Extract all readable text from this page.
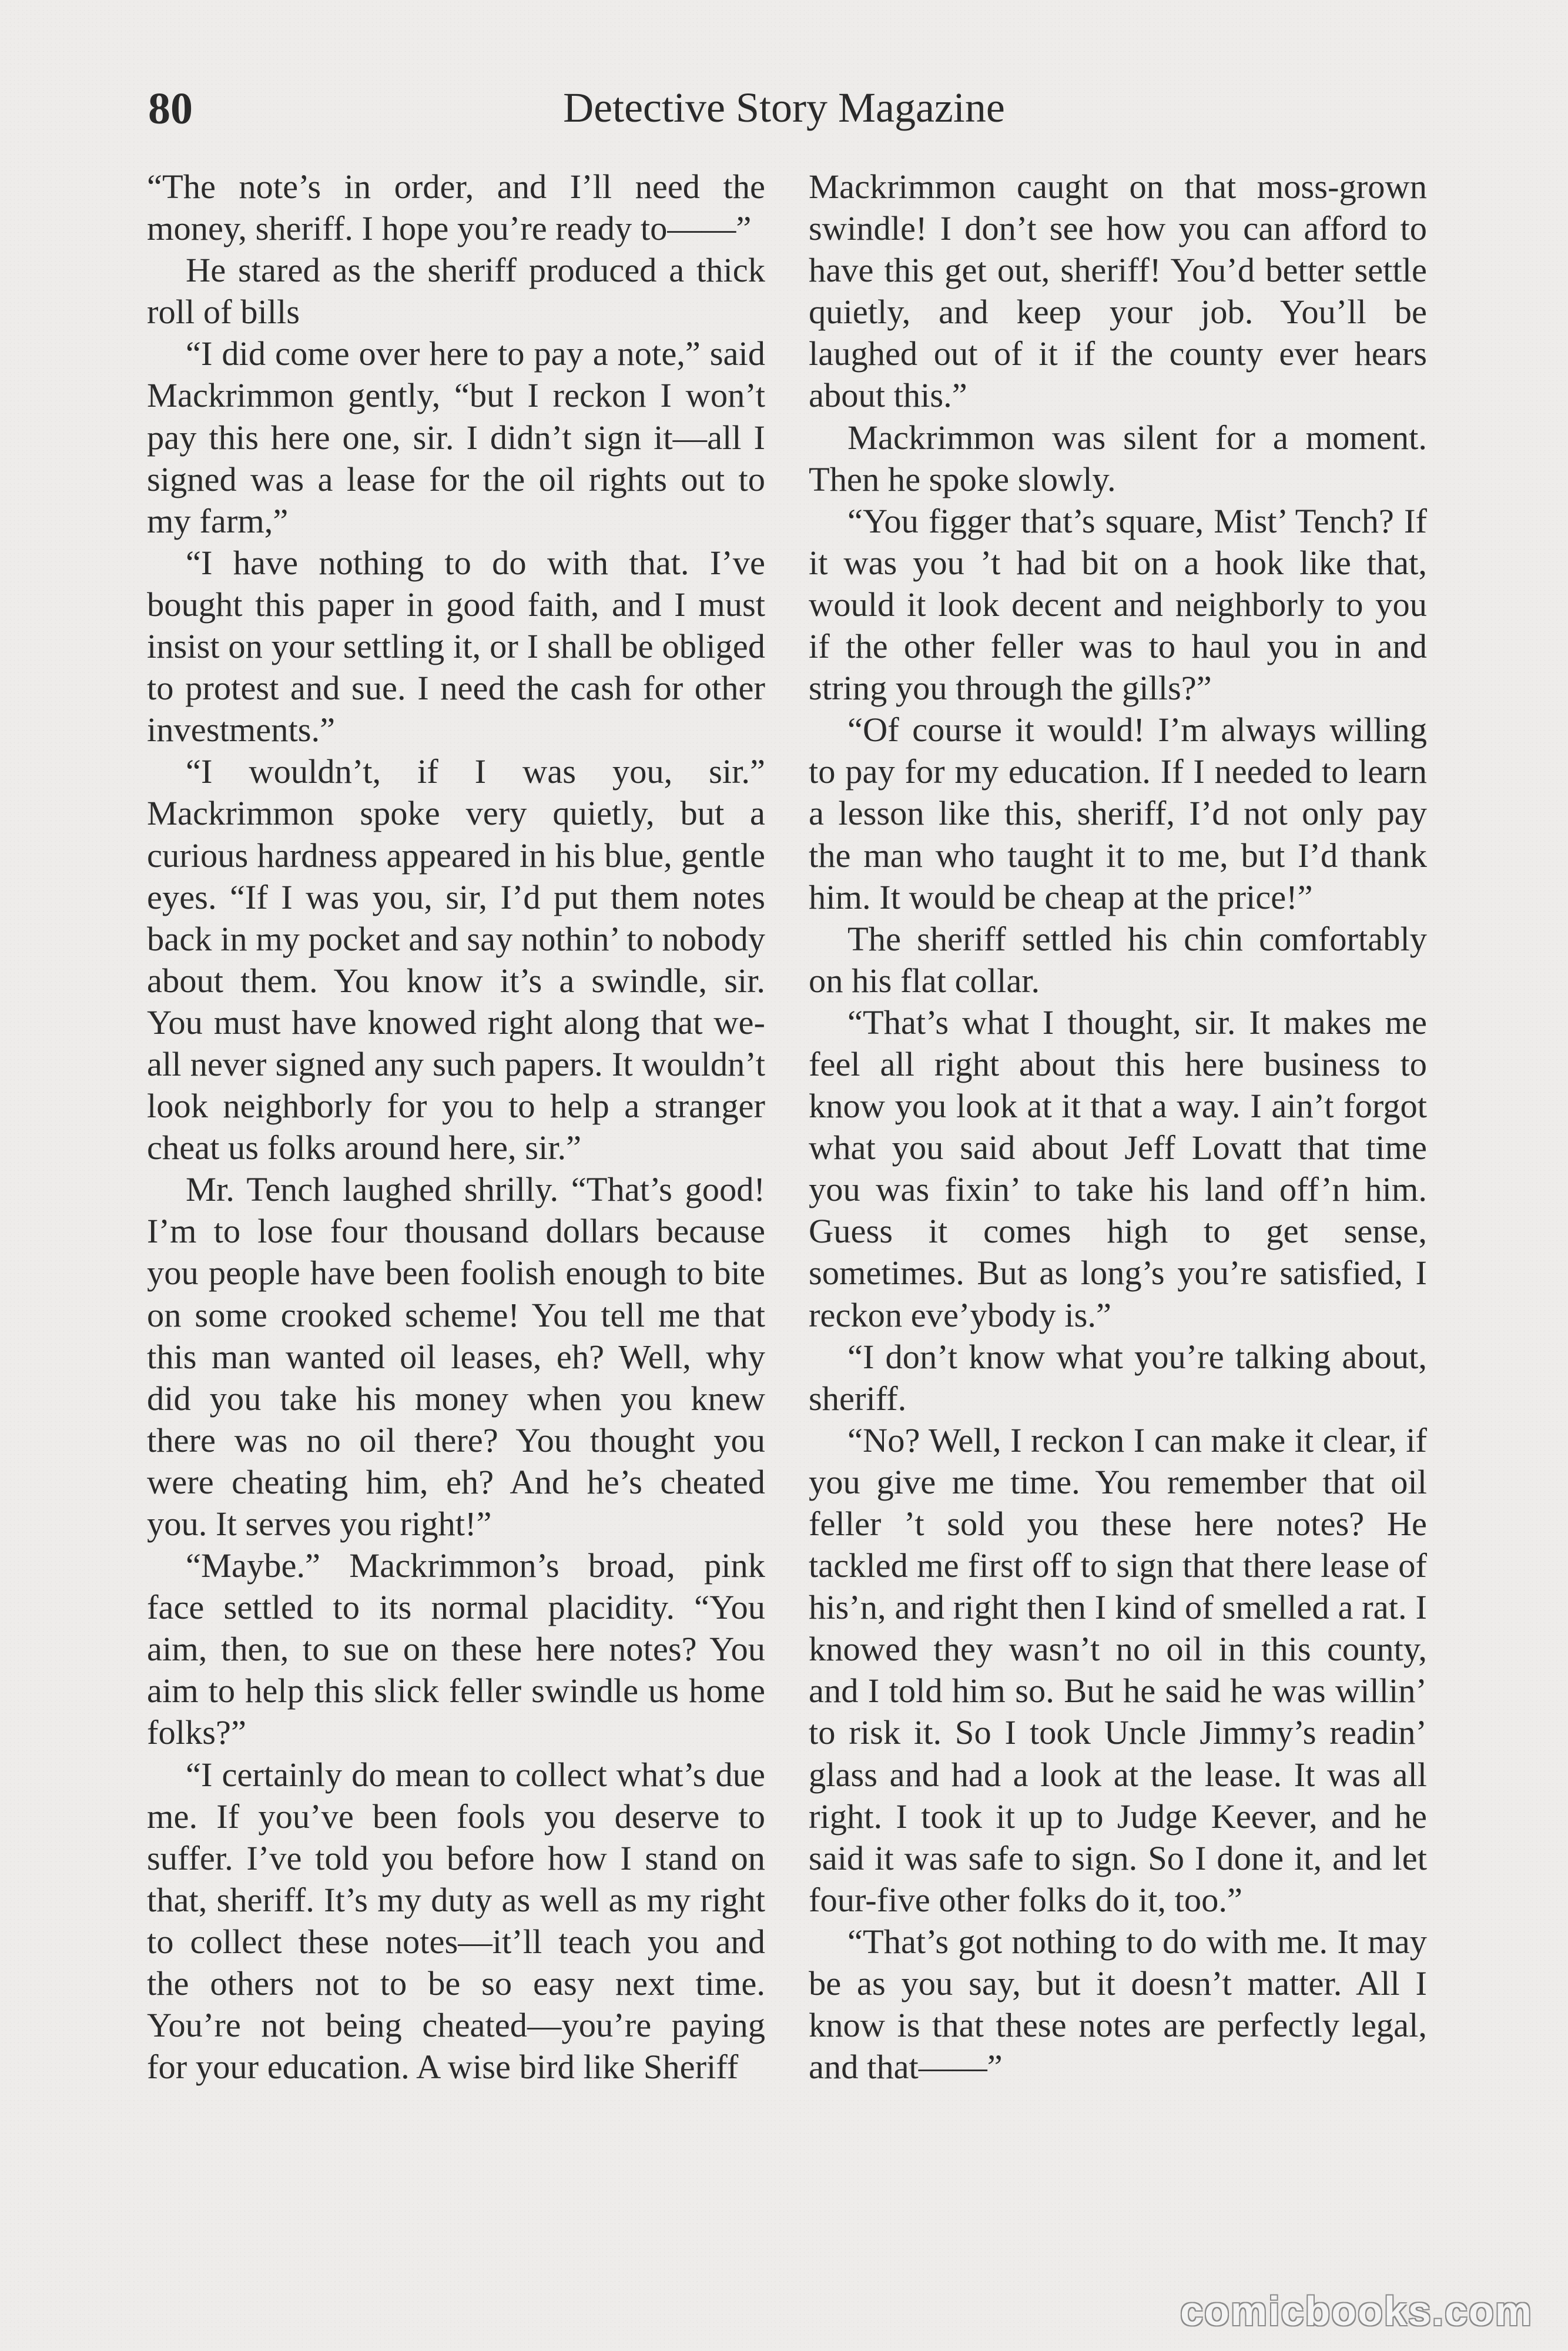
80	Detective Story Magazine

“The note’s in order, and I’ll need the money, sheriff. I hope you’re ready to——”

He stared as the sheriff produced a thick roll of bills

“I did come over here to pay a note,” said Mackrimmon gently, “but I reckon I won’t pay this here one, sir. I didn’t sign it—all I signed was a lease for the oil rights out to my farm,”

“I have nothing to do with that. I’ve bought this paper in good faith, and I must insist on your settling it, or I shall be obliged to protest and sue. I need the cash for other investments.”

“I wouldn’t, if I was you, sir.” Mackrimmon spoke very quietly, but a curious hardness appeared in his blue, gentle eyes. “If I was you, sir, I’d put them notes back in my pocket and say nothin’ to nobody about them. You know it’s a swindle, sir. You must have knowed right along that we-all never signed any such papers. It wouldn’t look neighborly for you to help a stranger cheat us folks around here, sir.”

Mr. Tench laughed shrilly. “That’s good! I’m to lose four thousand dollars because you people have been foolish enough to bite on some crooked scheme! You tell me that this man wanted oil leases, eh? Well, why did you take his money when you knew there was no oil there? You thought you were cheating him, eh? And he’s cheated you. It serves you right!”

“Maybe.” Mackrimmon’s broad, pink face settled to its normal placidity. “You aim, then, to sue on these here notes? You aim to help this slick feller swindle us home folks?”

“I certainly do mean to collect what’s due me. If you’ve been fools you deserve to suffer. I’ve told you before how I stand on that, sheriff. It’s my duty as well as my right to collect these notes—it’ll teach you and the others not to be so easy next time. You’re not being cheated—you’re paying for your education. A wise bird like Sheriff

Mackrimmon caught on that moss-grown swindle! I don’t see how you can afford to have this get out, sheriff! You’d better settle quietly, and keep your job. You’ll be laughed out of it if the county ever hears about this.”

Mackrimmon was silent for a moment. Then he spoke slowly.

“You figger that’s square, Mist’ Tench? If it was you ’t had bit on a hook like that, would it look decent and neighborly to you if the other feller was to haul you in and string you through the gills?”

“Of course it would! I’m always willing to pay for my education. If I needed to learn a lesson like this, sheriff, I’d not only pay the man who taught it to me, but I’d thank him. It would be cheap at the price!”

The sheriff settled his chin comfortably on his flat collar.

“That’s what I thought, sir. It makes me feel all right about this here business to know you look at it that a way. I ain’t forgot what you said about Jeff Lovatt that time you was fixin’ to take his land off’n him. Guess it comes high to get sense, sometimes. But as long’s you’re satisfied, I reckon eve’ybody is.”

“I don’t know what you’re talking about, sheriff.

“No? Well, I reckon I can make it clear, if you give me time. You remember that oil feller ’t sold you these here notes? He tackled me first off to sign that there lease of his’n, and right then I kind of smelled a rat. I knowed they wasn’t no oil in this county, and I told him so. But he said he was willin’ to risk it. So I took Uncle Jimmy’s readin’ glass and had a look at the lease. It was all right. I took it up to Judge Keever, and he said it was safe to sign. So I done it, and let four-five other folks do it, too.”

“That’s got nothing to do with me. It may be as you say, but it doesn’t matter. All I know is that these notes are perfectly legal, and that——”

comicbooks.com
